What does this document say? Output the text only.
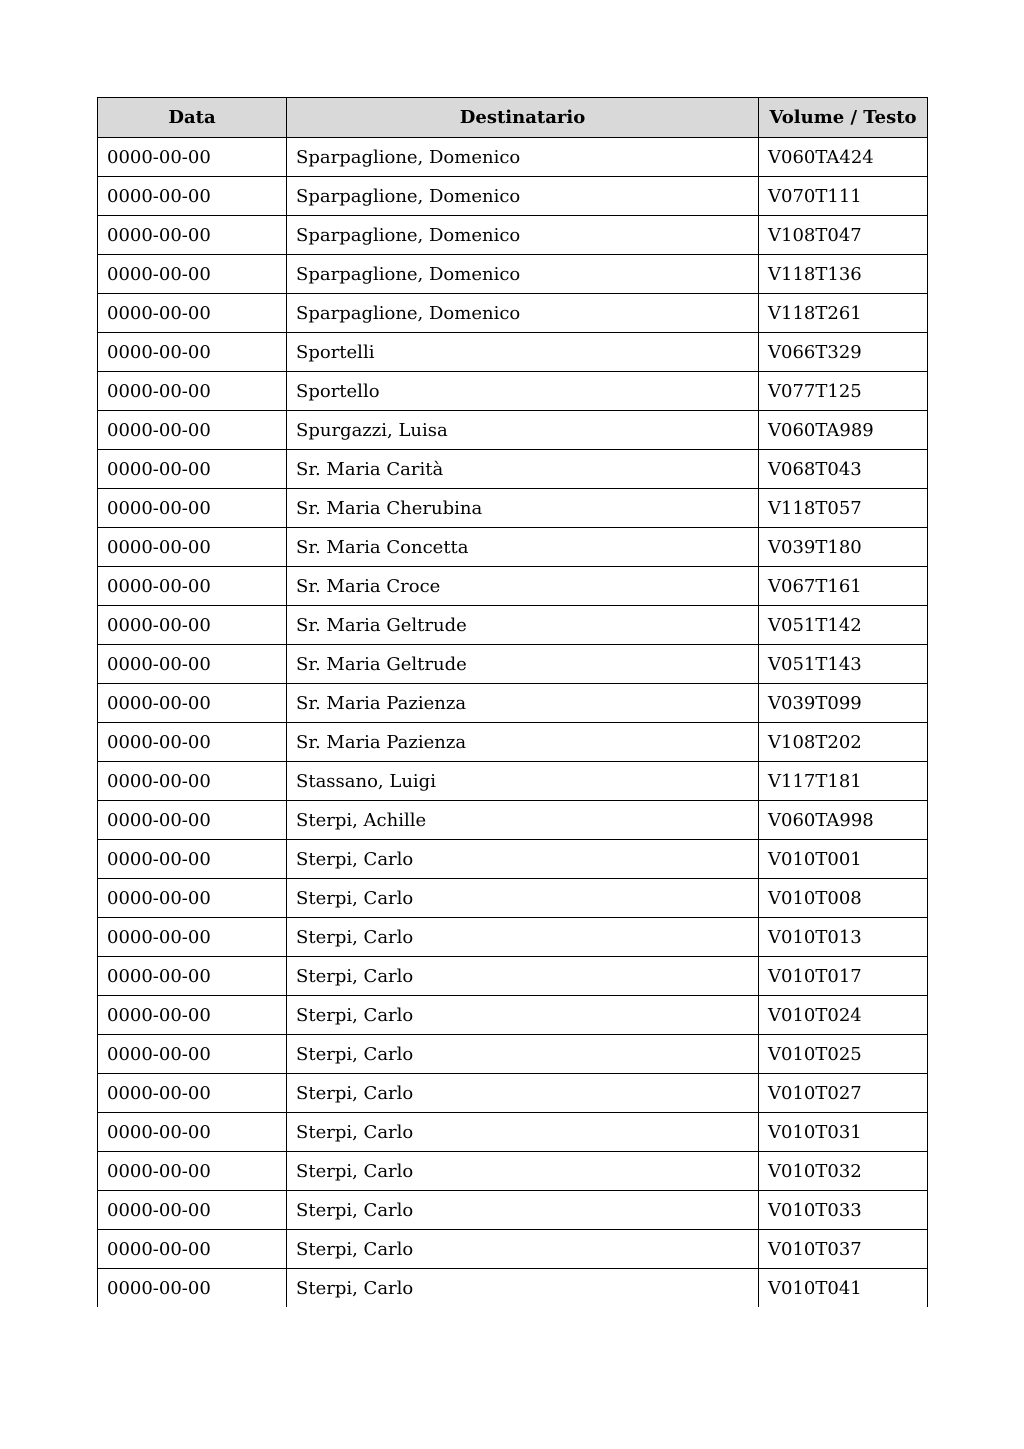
Data	Destinatario	Volume / Testo
0000-00-00	Sparpaglione, Domenico	V060TA424
0000-00-00	Sparpaglione, Domenico	V070T111
0000-00-00	Sparpaglione, Domenico	V108T047
0000-00-00	Sparpaglione, Domenico	V118T136
0000-00-00	Sparpaglione, Domenico	V118T261
0000-00-00	Sportelli	V066T329
0000-00-00	Sportello	V077T125
0000-00-00	Spurgazzi, Luisa	V060TA989
0000-00-00	Sr. Maria Carità	V068T043
0000-00-00	Sr. Maria Cherubina	V118T057
0000-00-00	Sr. Maria Concetta	V039T180
0000-00-00	Sr. Maria Croce	V067T161
0000-00-00	Sr. Maria Geltrude	V051T142
0000-00-00	Sr. Maria Geltrude	V051T143
0000-00-00	Sr. Maria Pazienza	V039T099
0000-00-00	Sr. Maria Pazienza	V108T202
0000-00-00	Stassano, Luigi	V117T181
0000-00-00	Sterpi, Achille	V060TA998
0000-00-00	Sterpi, Carlo	V010T001
0000-00-00	Sterpi, Carlo	V010T008
0000-00-00	Sterpi, Carlo	V010T013
0000-00-00	Sterpi, Carlo	V010T017
0000-00-00	Sterpi, Carlo	V010T024
0000-00-00	Sterpi, Carlo	V010T025
0000-00-00	Sterpi, Carlo	V010T027
0000-00-00	Sterpi, Carlo	V010T031
0000-00-00	Sterpi, Carlo	V010T032
0000-00-00	Sterpi, Carlo	V010T033
0000-00-00	Sterpi, Carlo	V010T037
0000-00-00	Sterpi, Carlo	V010T041
